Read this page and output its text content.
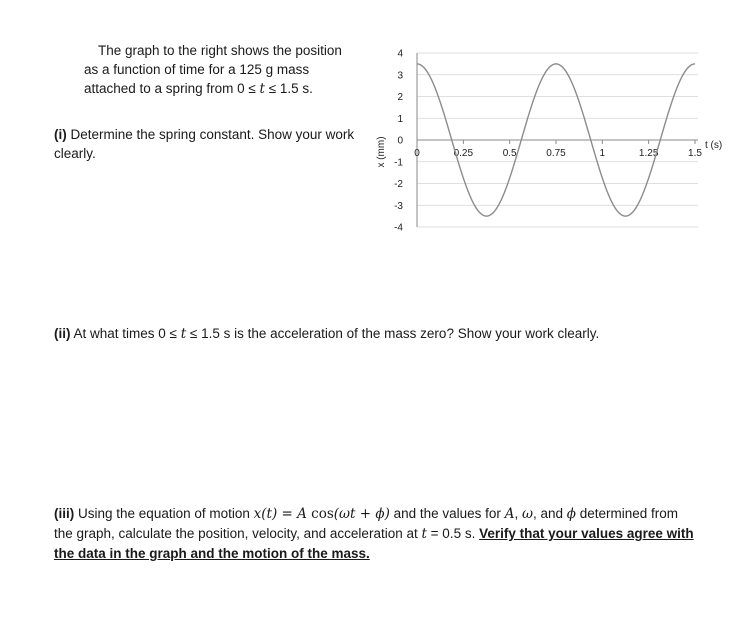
The graph to the right shows the position
as a function of time for a 125 g mass
attached to a spring from 0 ≤ t ≤ 1.5 s.
(i) Determine the spring constant. Show your work clearly.
(ii) At what times 0 ≤ t ≤ 1.5 s is the acceleration of the mass zero? Show your work clearly.
(iii) Using the equation of motion x(t) = A cos(ωt + ϕ) and the values for A, ω, and ϕ determined from the graph, calculate the position, velocity, and acceleration at t = 0.5 s. Verify that your values agree with the data in the graph and the motion of the mass.
4
3
2
1
0
-1
-2
-3
-4
0	0.25	0.5	0.75	1	1.25	1.5
t (s)
x (mm)
